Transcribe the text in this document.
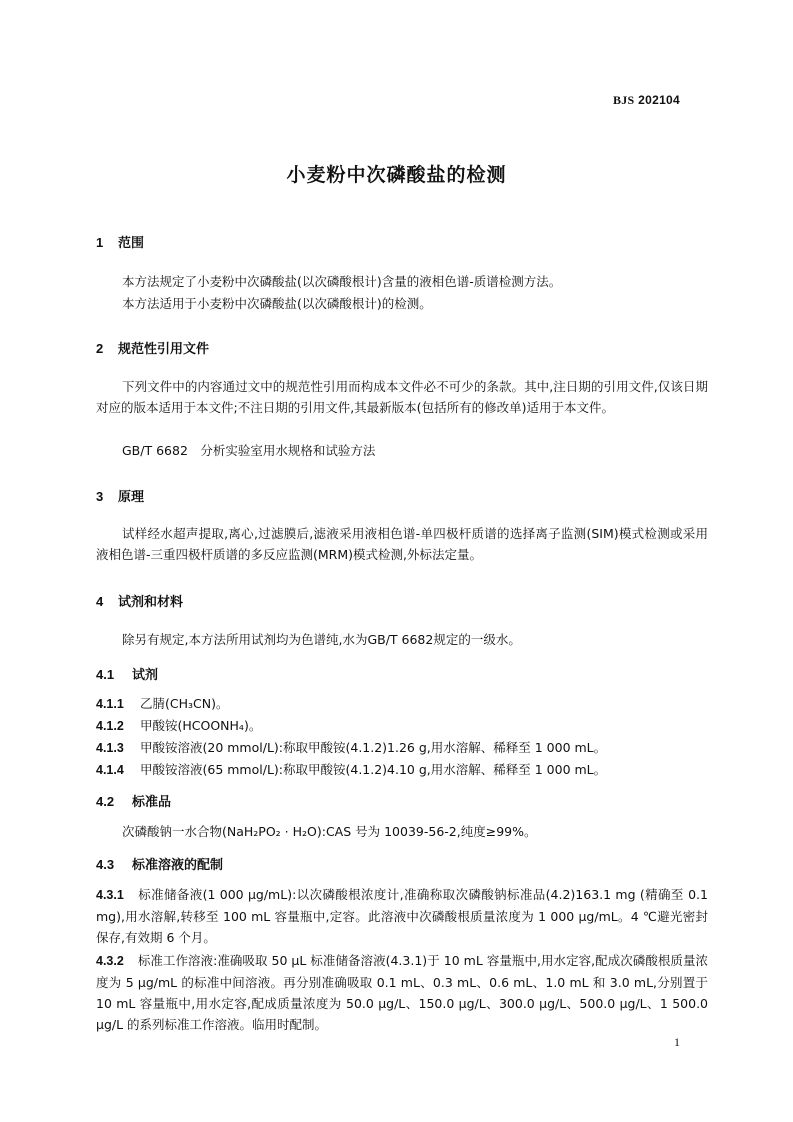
BJS 202104
小麦粉中次磷酸盐的检测
1 范围
本方法规定了小麦粉中次磷酸盐(以次磷酸根计)含量的液相色谱-质谱检测方法。
本方法适用于小麦粉中次磷酸盐(以次磷酸根计)的检测。
2 规范性引用文件
下列文件中的内容通过文中的规范性引用而构成本文件必不可少的条款。其中,注日期的引用文件,仅该日期对应的版本适用于本文件;不注日期的引用文件,其最新版本(包括所有的修改单)适用于本文件。
GB/T 6682　分析实验室用水规格和试验方法
3 原理
试样经水超声提取,离心,过滤膜后,滤液采用液相色谱-单四极杆质谱的选择离子监测(SIM)模式检测或采用液相色谱-三重四极杆质谱的多反应监测(MRM)模式检测,外标法定量。
4 试剂和材料
除另有规定,本方法所用试剂均为色谱纯,水为GB/T 6682规定的一级水。
4.1 试剂
4.1.1 乙腈(CH₃CN)。
4.1.2 甲酸铵(HCOONH₄)。
4.1.3 甲酸铵溶液(20 mmol/L):称取甲酸铵(4.1.2)1.26 g,用水溶解、稀释至 1 000 mL。
4.1.4 甲酸铵溶液(65 mmol/L):称取甲酸铵(4.1.2)4.10 g,用水溶解、稀释至 1 000 mL。
4.2 标准品
次磷酸钠一水合物(NaH₂PO₂ · H₂O):CAS 号为 10039-56-2,纯度≥99%。
4.3 标准溶液的配制
4.3.1 标准储备液(1 000 μg/mL):以次磷酸根浓度计,准确称取次磷酸钠标准品(4.2)163.1 mg (精确至 0.1 mg),用水溶解,转移至 100 mL 容量瓶中,定容。此溶液中次磷酸根质量浓度为 1 000 μg/mL。4 ℃避光密封保存,有效期 6 个月。
4.3.2 标准工作溶液:准确吸取 50 μL 标准储备溶液(4.3.1)于 10 mL 容量瓶中,用水定容,配成次磷酸根质量浓度为 5 μg/mL 的标准中间溶液。再分别准确吸取 0.1 mL、0.3 mL、0.6 mL、1.0 mL 和 3.0 mL,分别置于 10 mL 容量瓶中,用水定容,配成质量浓度为 50.0 μg/L、150.0 μg/L、300.0 μg/L、500.0 μg/L、1 500.0 μg/L 的系列标准工作溶液。临用时配制。
1
